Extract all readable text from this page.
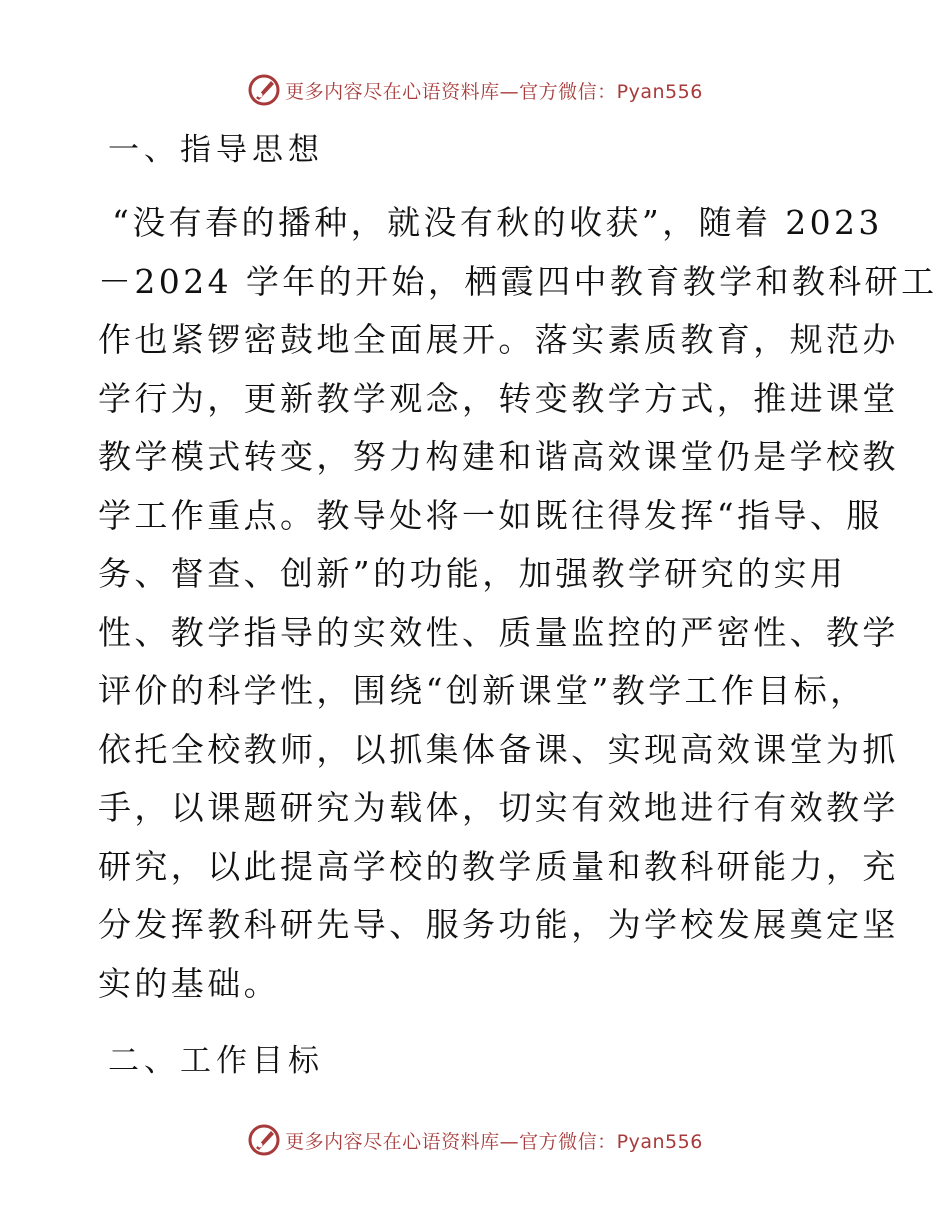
更多内容尽在心语资料库—官方微信：Pyan556
一、指导思想
“没有春的播种，就没有秋的收获”，随着 2023
－2024 学年的开始，栖霞四中教育教学和教科研工
作也紧锣密鼓地全面展开。落实素质教育，规范办
学行为，更新教学观念，转变教学方式，推进课堂
教学模式转变，努力构建和谐高效课堂仍是学校教
学工作重点。教导处将一如既往得发挥“指导、服
务、督查、创新”的功能，加强教学研究的实用
性、教学指导的实效性、质量监控的严密性、教学
评价的科学性，围绕“创新课堂”教学工作目标，
依托全校教师，以抓集体备课、实现高效课堂为抓
手，以课题研究为载体，切实有效地进行有效教学
研究，以此提高学校的教学质量和教科研能力，充
分发挥教科研先导、服务功能，为学校发展奠定坚
实的基础。
二、工作目标
更多内容尽在心语资料库—官方微信：Pyan556
